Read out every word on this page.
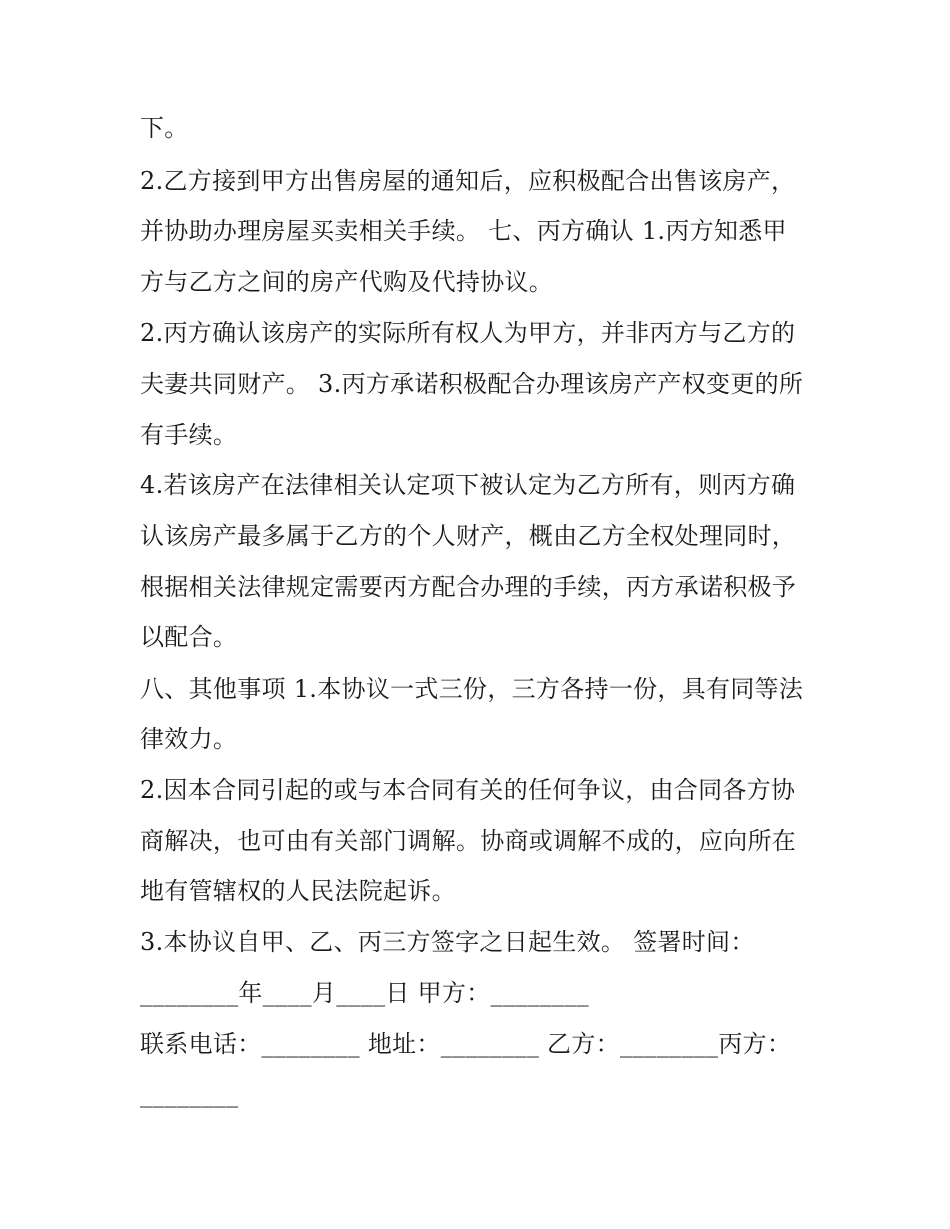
下。
2.乙方接到甲方出售房屋的通知后，应积极配合出售该房产，
并协助办理房屋买卖相关手续。 七、丙方确认 1.丙方知悉甲
方与乙方之间的房产代购及代持协议。
2.丙方确认该房产的实际所有权人为甲方，并非丙方与乙方的
夫妻共同财产。 3.丙方承诺积极配合办理该房产产权变更的所
有手续。
4.若该房产在法律相关认定项下被认定为乙方所有，则丙方确
认该房产最多属于乙方的个人财产，概由乙方全权处理同时，
根据相关法律规定需要丙方配合办理的手续，丙方承诺积极予
以配合。
八、其他事项 1.本协议一式三份，三方各持一份，具有同等法
律效力。
2.因本合同引起的或与本合同有关的任何争议，由合同各方协
商解决，也可由有关部门调解。协商或调解不成的，应向所在
地有管辖权的人民法院起诉。
3.本协议自甲、乙、丙三方签字之日起生效。 签署时间：
________年____月____日 甲方：________
联系电话：________ 地址：________ 乙方：________丙方：
________
